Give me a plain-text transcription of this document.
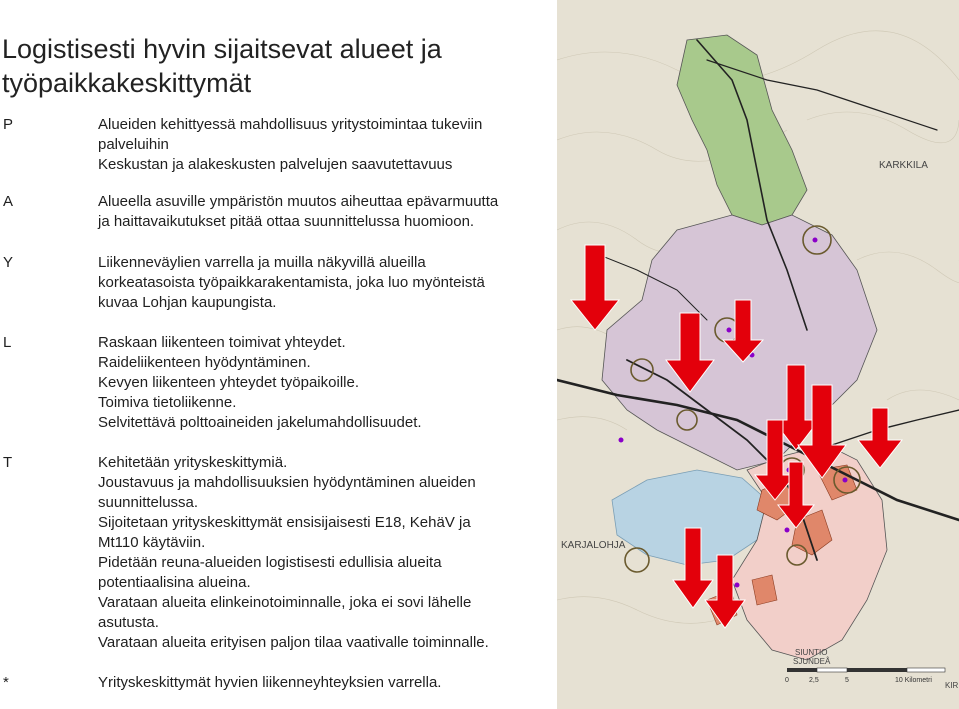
Logistisesti hyvin sijaitsevat alueet ja
työpaikkakeskittymät
P	Alueiden kehittyessä mahdollisuus yritystoimintaa tukeviin
palveluihin
Keskustan ja alakeskusten palvelujen saavutettavuus
A	Alueella asuville ympäristön muutos aiheuttaa epävarmuutta
ja haittavaikutukset pitää ottaa suunnittelussa huomioon.
Y	Liikenneväylien varrella ja muilla näkyvillä alueilla
korkeatasoista työpaikkarakentamista, joka luo myönteistä
kuvaa Lohjan kaupungista.
L	Raskaan liikenteen toimivat yhteydet.
Raideliikenteen hyödyntäminen.
Kevyen liikenteen yhteydet työpaikoille.
Toimiva tietoliikenne.
Selvitettävä polttoaineiden jakelumahdollisuudet.
T	Kehitetään yrityskeskittymiä.
Joustavuus ja mahdollisuuksien hyödyntäminen alueiden
suunnittelussa.
Sijoitetaan yrityskeskittymät ensisijaisesti E18, KehäV ja
Mt110 käytäviin.
Pidetään reuna-alueiden logistisesti edullisia alueita
potentiaalisina alueina.
Varataan alueita elinkeinotoiminnalle, joka ei sovi lähelle
asutusta.
Varataan alueita erityisen paljon tilaa vaativalle toiminnalle.
*	Yrityskeskittymät hyvien liikenneyhteyksien varrella.
KARKKILA
KARJALOHJA
SIUNTIO
SJUNDEÅ
KIR
0	2,5	5	10 Kilometri
